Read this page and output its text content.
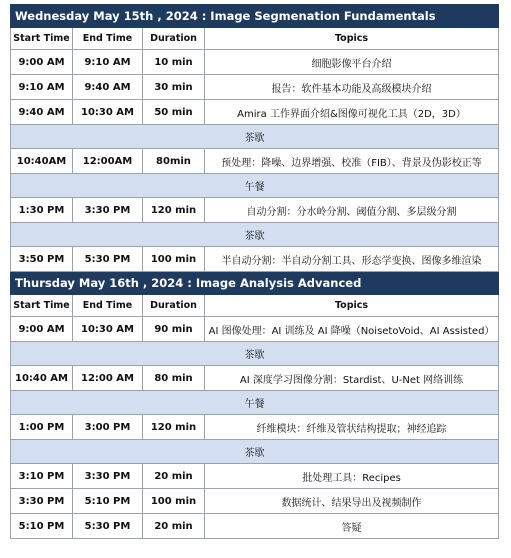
Wednesday May 15th , 2024 : Image Segmenation Fundamentals			
Start Time	End Time	Duration	Topics
9:00 AM	9:10 AM	10 min	细胞影像平台介绍
9:10 AM	9:40 AM	30 min	报告：软件基本功能及高级模块介绍
9:40 AM	10:30 AM	50 min	Amira 工作界面介绍&图像可视化工具（2D，3D）
茶歇			
10:40AM	12:00AM	80min	预处理：降噪、边界增强、校准（FIB）、背景及伪影校正等
午餐			
1:30 PM	3:30 PM	120 min	自动分割：分水岭分割、阈值分割、多层级分割
茶歇			
3:50 PM	5:30 PM	100 min	半自动分割：半自动分割工具、形态学变换、图像多维渲染
Thursday May 16th , 2024 : Image Analysis Advanced			
Start Time	End Time	Duration	Topics
9:00 AM	10:30 AM	90 min	AI 图像处理：AI 训练及 AI 降噪（NoisetoVoid、AI Assisted）
茶歇			
10:40 AM	12:00 AM	80 min	AI 深度学习图像分割：Stardist、U-Net 网络训练
午餐			
1:00 PM	3:00 PM	120 min	纤维模块：纤维及管状结构提取；神经追踪
茶歇			
3:10 PM	3:30 PM	20 min	批处理工具：Recipes
3:30 PM	5:10 PM	100 min	数据统计、结果导出及视频制作
5:10 PM	5:30 PM	20 min	答疑
